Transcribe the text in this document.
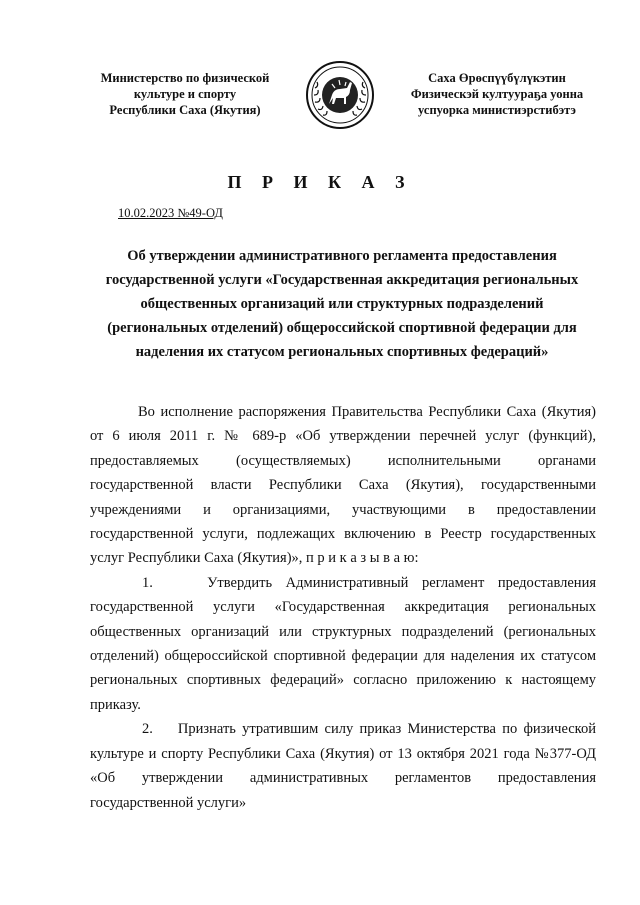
Министерство по физической
культуре и спорту
Республики Саха (Якутия)
Саха Өрөспүүбүлүкэтин
Физическэй култуураҕа уонна
успуорка министиэрстибэтэ
П Р И К А З
10.02.2023 №49-ОД
Об утверждении административного регламента предоставления
государственной услуги «Государственная аккредитация региональных
общественных организаций или структурных подразделений
(региональных отделений) общероссийской спортивной федерации для
наделения их статусом региональных спортивных федераций»

Во исполнение распоряжения Правительства Республики Саха (Якутия) от 6 июля 2011 г. № 689-р «Об утверждении перечней услуг (функций), предоставляемых (осуществляемых) исполнительными органами государственной власти Республики Саха (Якутия), государственными учреждениями и организациями, участвующими в предоставлении государственной услуги, подлежащих включению в Реестр государственных услуг Республики Саха (Якутия)», п р и к а з ы в а ю:

1.    Утвердить Административный регламент предоставления государственной услуги «Государственная аккредитация региональных общественных организаций или структурных подразделений (региональных отделений) общероссийской спортивной федерации для наделения их статусом региональных спортивных федераций» согласно приложению к настоящему приказу.

2.    Признать утратившим силу приказ Министерства по физической культуре и спорту Республики Саха (Якутия) от 13 октября 2021 года №377-ОД «Об утверждении административных регламентов предоставления государственной услуги»
